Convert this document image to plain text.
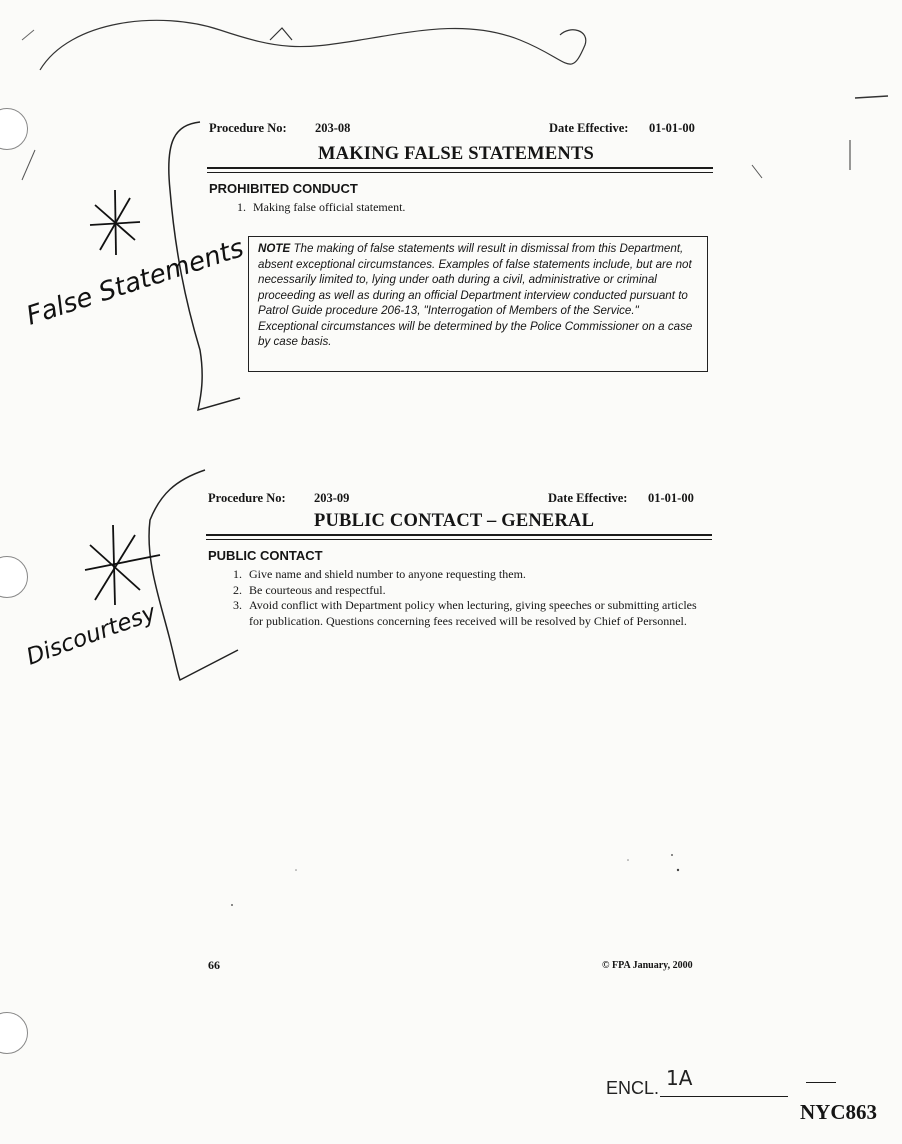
False Statements
Discourtesy
Procedure No: 203-08	Date Effective: 01-01-00
MAKING FALSE STATEMENTS
PROHIBITED CONDUCT
1. Making false official statement.
NOTE The making of false statements will result in dismissal from this Department, absent exceptional circumstances. Examples of false statements include, but are not necessarily limited to, lying under oath during a civil, administrative or criminal proceeding as well as during an official Department interview conducted pursuant to Patrol Guide procedure 206-13, "Interrogation of Members of the Service." Exceptional circumstances will be determined by the Police Commissioner on a case by case basis.
Procedure No: 203-09	Date Effective: 01-01-00
PUBLIC CONTACT – GENERAL
PUBLIC CONTACT
1. Give name and shield number to anyone requesting them.
2. Be courteous and respectful.
3. Avoid conflict with Department policy when lecturing, giving speeches or submitting articles for publication. Questions concerning fees received will be resolved by Chief of Personnel.
66	© FPA January, 2000
ENCL. 1A
NYC863
